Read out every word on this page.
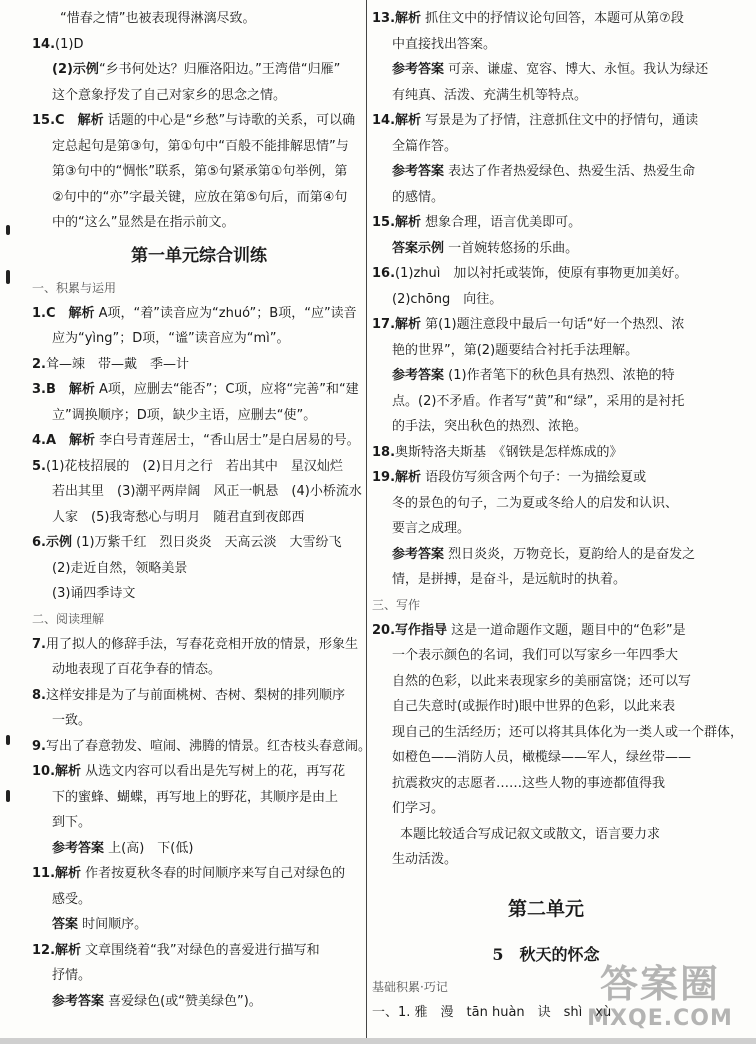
“惜春之情”也被表现得淋漓尽致。
14.(1)D
(2)示例“乡书何处达？归雁洛阳边。”王湾借“归雁”
这个意象抒发了自己对家乡的思念之情。
15.C　解析 话题的中心是“乡愁”与诗歌的关系，可以确
定总起句是第③句，第①句中“百般不能排解思情”与
第③句中的“惆怅”联系，第⑤句紧承第①句举例，第
②句中的“亦”字最关键，应放在第⑤句后，而第④句
中的“这么”显然是在指示前文。
第一单元综合训练
一、积累与运用
1.C　解析 A项，“着”读音应为“zhuó”；B项，“应”读音
应为“yìng”；D项，“谧”读音应为“mì”。
2.耸—竦　带—戴　季—计
3.B　解析 A项，应删去“能否”；C项，应将“完善”和“建
立”调换顺序；D项，缺少主语，应删去“使”。
4.A　解析 李白号青莲居士，“香山居士”是白居易的号。
5.(1)花枝招展的　(2)日月之行　若出其中　星汉灿烂
若出其里　(3)潮平两岸阔　风正一帆悬　(4)小桥流水
人家　(5)我寄愁心与明月　随君直到夜郎西
6.示例 (1)万紫千红　烈日炎炎　天高云淡　大雪纷飞
(2)走近自然，领略美景
(3)诵四季诗文
二、阅读理解
7.用了拟人的修辞手法，写春花竞相开放的情景，形象生
动地表现了百花争春的情态。
8.这样安排是为了与前面桃树、杏树、梨树的排列顺序
一致。
9.写出了春意勃发、喧闹、沸腾的情景。红杏枝头春意闹。
10.解析 从选文内容可以看出是先写树上的花，再写花
下的蜜蜂、蝴蝶，再写地上的野花，其顺序是由上
到下。
参考答案 上(高)　下(低)
11.解析 作者按夏秋冬春的时间顺序来写自己对绿色的
感受。
答案 时间顺序。
12.解析 文章围绕着“我”对绿色的喜爱进行描写和
抒情。
参考答案 喜爱绿色(或“赞美绿色”)。
13.解析 抓住文中的抒情议论句回答，本题可从第⑦段
中直接找出答案。
参考答案 可亲、谦虚、宽容、博大、永恒。我认为绿还
有纯真、活泼、充满生机等特点。
14.解析 写景是为了抒情，注意抓住文中的抒情句，通读
全篇作答。
参考答案 表达了作者热爱绿色、热爱生活、热爱生命
的感情。
15.解析 想象合理，语言优美即可。
答案示例 一首婉转悠扬的乐曲。
16.(1)zhuì　加以衬托或装饰，使原有事物更加美好。
(2)chōng　向往。
17.解析 第(1)题注意段中最后一句话“好一个热烈、浓
艳的世界”，第(2)题要结合衬托手法理解。
参考答案 (1)作者笔下的秋色具有热烈、浓艳的特
点。(2)不矛盾。作者写“黄”和“绿”，采用的是衬托
的手法，突出秋色的热烈、浓艳。
18.奥斯特洛夫斯基　《钢铁是怎样炼成的》
19.解析 语段仿写须含两个句子：一为描绘夏或
冬的景色的句子，二为夏或冬给人的启发和认识、
要言之成理。
参考答案 烈日炎炎，万物竞长，夏韵给人的是奋发之
情，是拼搏，是奋斗，是远航时的执着。
三、写作
20.写作指导 这是一道命题作文题，题目中的“色彩”是
一个表示颜色的名词，我们可以写家乡一年四季大
自然的色彩，以此来表现家乡的美丽富饶；还可以写
自己失意时(或振作时)眼中世界的色彩，以此来表
现自己的生活经历；还可以将其具体化为一类人或一个群体，
如橙色——消防人员，橄榄绿——军人，绿丝带——
抗震救灾的志愿者……这些人物的事迹都值得我
们学习。
本题比较适合写成记叙文或散文，语言要力求
生动活泼。
第二单元
5　秋天的怀念
基础积累·巧记
一、1. 雅　漫　tān huàn　诀　shì　xù
答案圈
MXQE.COM
